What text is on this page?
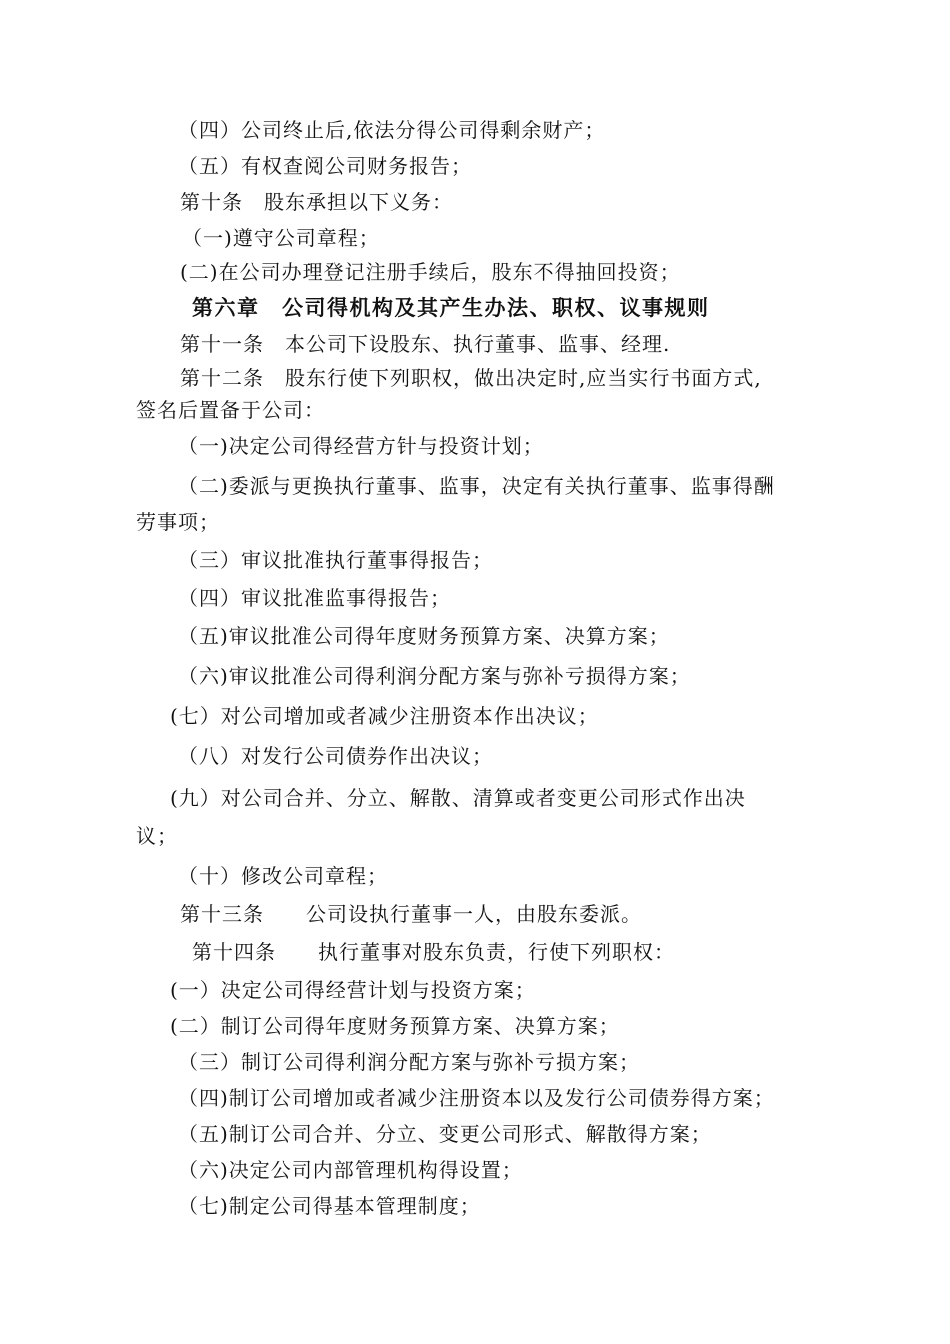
（四）公司终止后,依法分得公司得剩余财产；
（五）有权查阅公司财务报告；
第十条　股东承担以下义务：
（一)遵守公司章程；
(二)在公司办理登记注册手续后，股东不得抽回投资；
第六章　公司得机构及其产生办法、职权、议事规则
第十一条　本公司下设股东、执行董事、监事、经理.
第十二条　股东行使下列职权，做出决定时,应当实行书面方式,
签名后置备于公司：
（一)决定公司得经营方针与投资计划；
（二)委派与更换执行董事、监事，决定有关执行董事、监事得酬
劳事项；
（三）审议批准执行董事得报告；
（四）审议批准监事得报告；
（五)审议批准公司得年度财务预算方案、决算方案；
（六)审议批准公司得利润分配方案与弥补亏损得方案；
(七）对公司增加或者减少注册资本作出决议；
（八）对发行公司债券作出决议；
(九）对公司合并、分立、解散、清算或者变更公司形式作出决
议；
（十）修改公司章程；
第十三条　　公司设执行董事一人，由股东委派。
第十四条　　执行董事对股东负责，行使下列职权：
(一）决定公司得经营计划与投资方案；
(二）制订公司得年度财务预算方案、决算方案；
（三）制订公司得利润分配方案与弥补亏损方案；
（四)制订公司增加或者减少注册资本以及发行公司债券得方案；
（五)制订公司合并、分立、变更公司形式、解散得方案；
（六)决定公司内部管理机构得设置；
（七)制定公司得基本管理制度；
